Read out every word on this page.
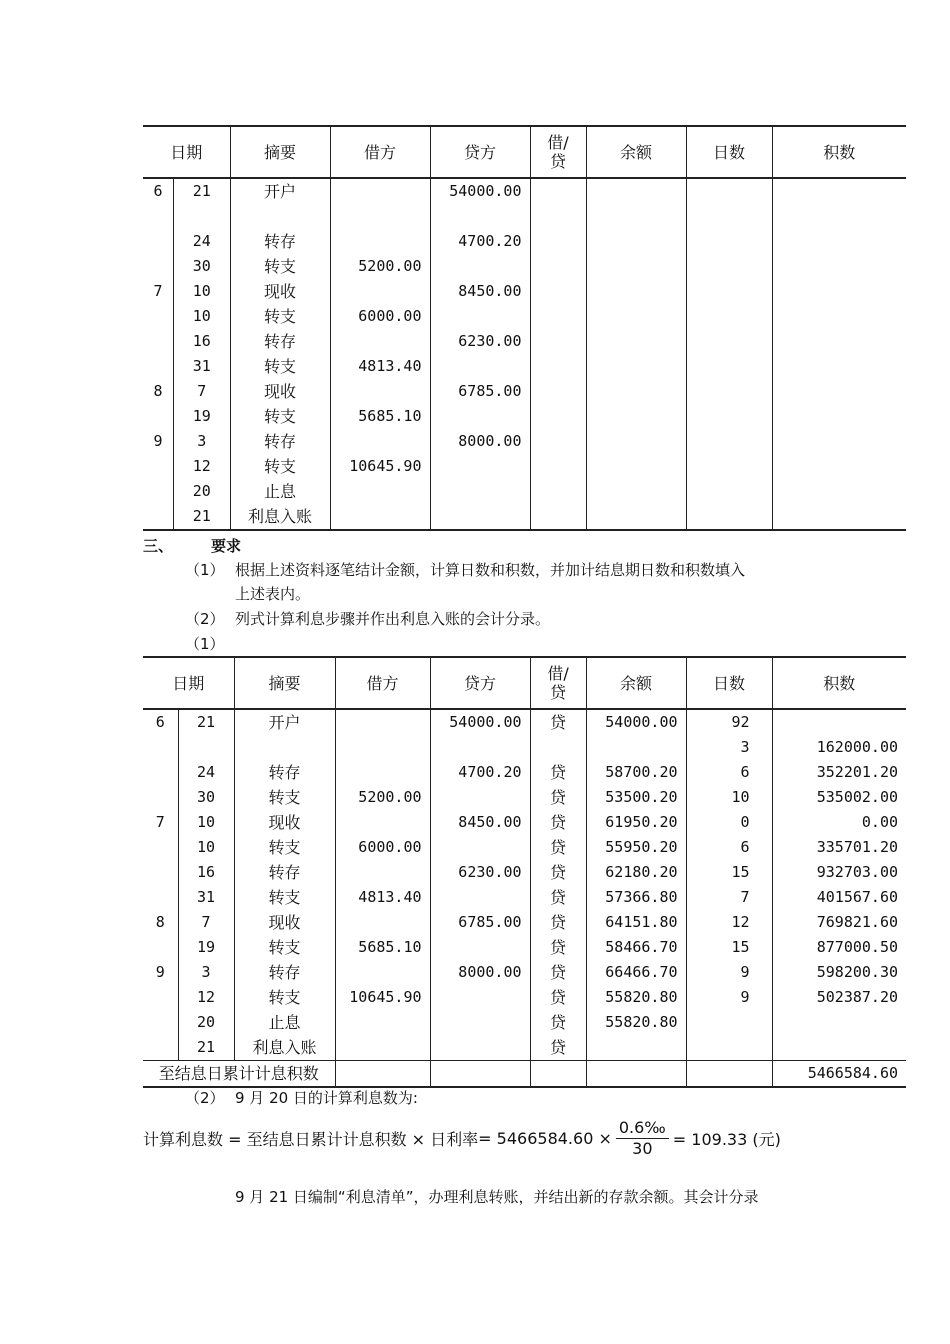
日期	摘要	借方	贷方	借/
贷	余额	日数	积数

6 21	开户		54000.00				

24	转存		4700.20				

30	转支	5200.00					

7 10	现收		8450.00				

10	转支	6000.00					

16	转存		6230.00				

31	转支	4813.40					

8 7	现收		6785.00				

19	转支	5685.10					

9 3	转存		8000.00				

12	转支	10645.90					

20	止息						

21	利息入账						
三、	要求
（1） 根据上述资料逐笔结计金额，计算日数和积数，并加计结息期日数和积数填入
上述表内。
（2） 列式计算利息步骤并作出利息入账的会计分录。
（1）
日期		摘要	借方	贷方	借/
贷	余额	日数	积数
6	21	开户		54000.00	贷	54000.00	92	
							3	162000.00
	24	转存		4700.20	贷	58700.20	6	352201.20
	30	转支	5200.00		贷	53500.20	10	535002.00
7	10	现收		8450.00	贷	61950.20	0	0.00
	10	转支	6000.00		贷	55950.20	6	335701.20
	16	转存		6230.00	贷	62180.20	15	932703.00
	31	转支	4813.40		贷	57366.80	7	401567.60
8	7	现收		6785.00	贷	64151.80	12	769821.60
	19	转支	5685.10		贷	58466.70	15	877000.50
9	3	转存		8000.00	贷	66466.70	9	598200.30
	12	转支	10645.90		贷	55820.80	9	502387.20
	20	止息			贷	55820.80		
	21	利息入账			贷			
至结息日累计计息积数								5466584.60
（2） 9 月 20 日的计算利息数为:
计算利息数 = 至结息日累计计息积数 × 日利率 = $5466584.60 \times \frac{0.6‰}{30} = 109.33$ (元)
9 月 21 日编制“利息清单”，办理利息转账，并结出新的存款余额。其会计分录
